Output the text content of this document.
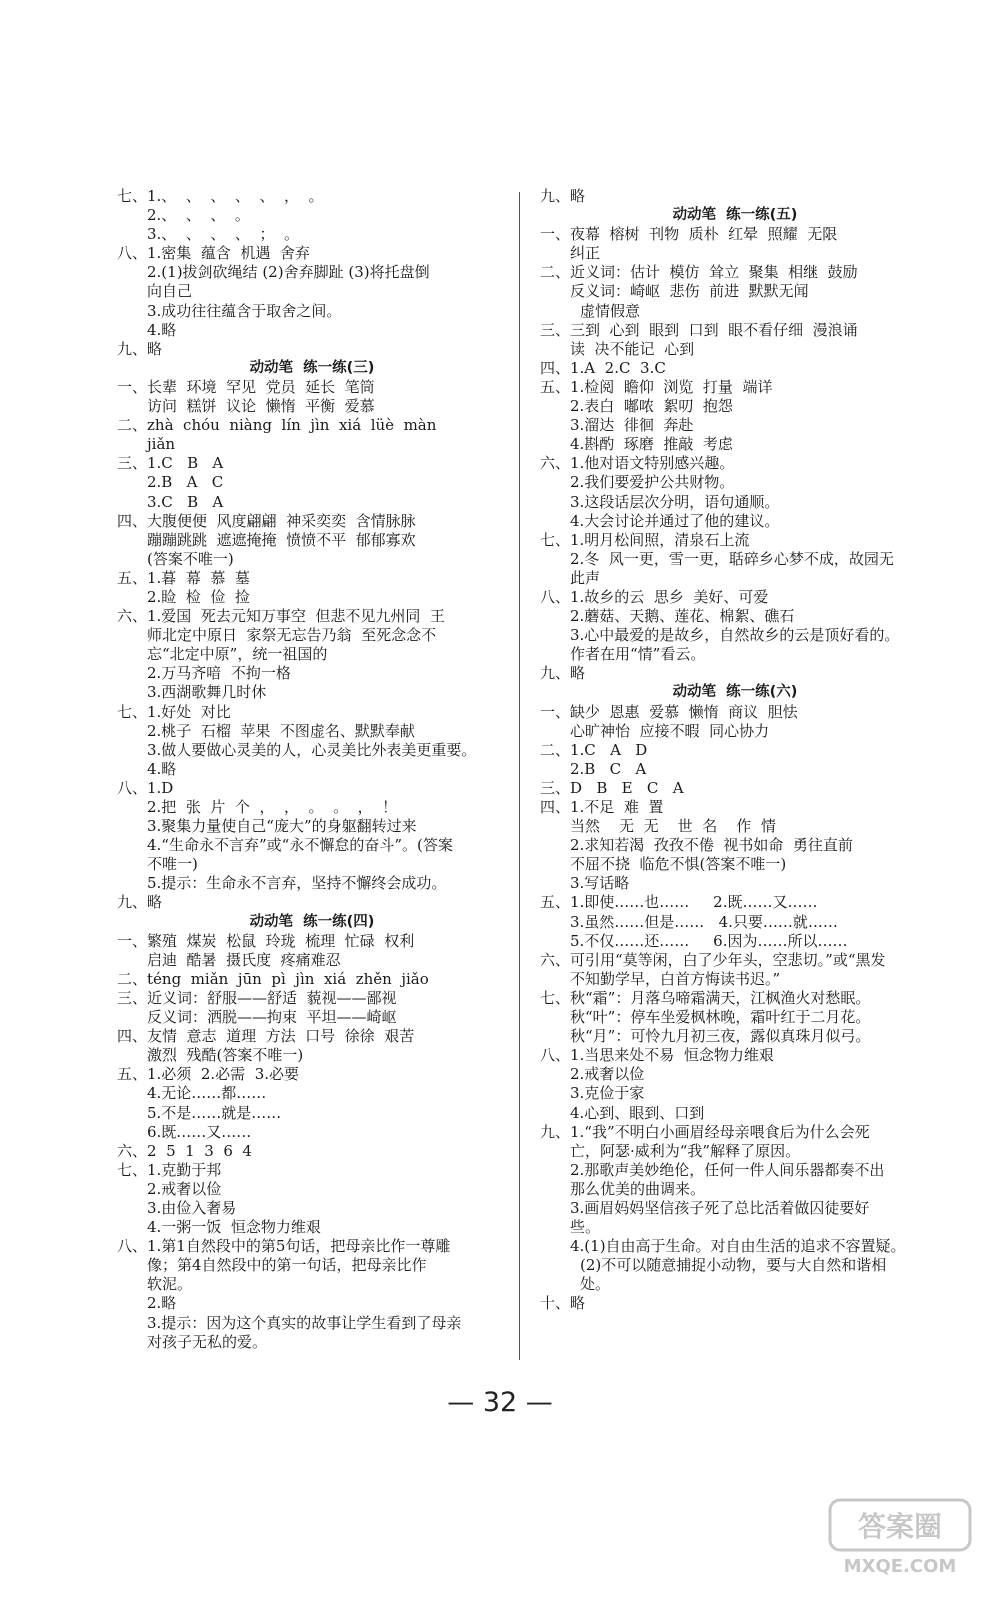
七、1.、  、  、  、  、  ，  。
2.、  、  、  。
3.、  、  、  、  ；  。
八、1.密集  蕴含  机遇  舍弃
2.(1)拔剑砍绳结 (2)舍弃脚趾 (3)将托盘倒
向自己
3.成功往往蕴含于取舍之间。
4.略
九、略
动动笔  练一练(三)
一、长辈  环境  罕见  党员  延长  笔筒
访问  糕饼  议论  懒惰  平衡  爱慕
二、zhà  chóu  niàng  lín  jìn  xiá  lüè  màn
jiǎn
三、1.C   B   A
2.B   A   C
3.C   B   A
四、大腹便便  风度翩翩  神采奕奕  含情脉脉
蹦蹦跳跳  遮遮掩掩  愤愤不平  郁郁寡欢
(答案不唯一)
五、1.暮  幕  慕  墓
2.睑  检  俭  捡
六、1.爱国  死去元知万事空  但悲不见九州同  王
师北定中原日  家祭无忘告乃翁  至死念念不
忘“北定中原”，统一祖国的
2.万马齐喑  不拘一格
3.西湖歌舞几时休
七、1.好处  对比
2.桃子  石榴  苹果  不图虚名、默默奉献
3.做人要做心灵美的人，心灵美比外表美更重要。
4.略
八、1.D
2.把  张  片  个  ，  ，  。  。  ，  ！
3.聚集力量使自己“庞大”的身躯翻转过来
4.“生命永不言弃”或“永不懈怠的奋斗”。(答案
不唯一)
5.提示：生命永不言弃，坚持不懈终会成功。
九、略
动动笔  练一练(四)
一、繁殖  煤炭  松鼠  玲珑  梳理  忙碌  权利
启迪  酷暑  摄氏度  疼痛难忍
二、téng  miǎn  jūn  pì  jìn  xiá  zhěn  jiǎo
三、近义词：舒服——舒适  藐视——鄙视
反义词：洒脱——拘束  平坦——崎岖
四、友情  意志  道理  方法  口号  徐徐  艰苦
激烈  残酷(答案不唯一)
五、1.必须  2.必需  3.必要
4.无论……都……
5.不是……就是……
6.既……又……
六、2  5  1  3  6  4
七、1.克勤于邦
2.戒奢以俭
3.由俭入奢易
4.一粥一饭  恒念物力维艰
八、1.第1自然段中的第5句话，把母亲比作一尊雕
像；第4自然段中的第一句话，把母亲比作
软泥。
2.略
3.提示：因为这个真实的故事让学生看到了母亲
对孩子无私的爱。
九、略
动动笔  练一练(五)
一、夜幕  榕树  刊物  质朴  红晕  照耀  无限
纠正
二、近义词：估计  模仿  耸立  聚集  相继  鼓励
反义词：崎岖  悲伤  前进  默默无闻
虚情假意
三、三到  心到  眼到  口到  眼不看仔细  漫浪诵
读  决不能记  心到
四、1.A  2.C  3.C
五、1.检阅  瞻仰  浏览  打量  端详
2.表白  嘟哝  絮叨  抱怨
3.溜达  徘徊  奔赴
4.斟酌  琢磨  推敲  考虑
六、1.他对语文特别感兴趣。
2.我们要爱护公共财物。
3.这段话层次分明，语句通顺。
4.大会讨论并通过了他的建议。
七、1.明月松间照，清泉石上流
2.冬  风一更，雪一更，聒碎乡心梦不成，故园无
此声
八、1.故乡的云  思乡  美好、可爱
2.蘑菇、天鹅、莲花、棉絮、礁石
3.心中最爱的是故乡，自然故乡的云是顶好看的。
作者在用“情”看云。
九、略
动动笔  练一练(六)
一、缺少  恩惠  爱慕  懒惰  商议  胆怯
心旷神怡  应接不暇  同心协力
二、1.C   A   D
2.B   C   A
三、D   B   E   C   A
四、1.不足  难  置
当然    无  无    世  名    作  情
2.求知若渴  孜孜不倦  视书如命  勇往直前
不屈不挠  临危不惧(答案不唯一)
3.写话略
五、1.即使……也……     2.既……又……
3.虽然……但是……   4.只要……就……
5.不仅……还……     6.因为……所以……
六、可引用“莫等闲，白了少年头，空悲切。”或“黑发
不知勤学早，白首方悔读书迟。”
七、秋“霜”：月落乌啼霜满天，江枫渔火对愁眠。
秋“叶”：停车坐爱枫林晚，霜叶红于二月花。
秋“月”：可怜九月初三夜，露似真珠月似弓。
八、1.当思来处不易  恒念物力维艰
2.戒奢以俭
3.克俭于家
4.心到、眼到、口到
九、1.“我”不明白小画眉经母亲喂食后为什么会死
亡，阿瑟·威利为“我”解释了原因。
2.那歌声美妙绝伦，任何一件人间乐器都奏不出
那么优美的曲调来。
3.画眉妈妈坚信孩子死了总比活着做囚徒要好
些。
4.(1)自由高于生命。对自由生活的追求不容置疑。
(2)不可以随意捕捉小动物，要与大自然和谐相
处。
十、略
— 32 —
答案圈
MXQE.COM
